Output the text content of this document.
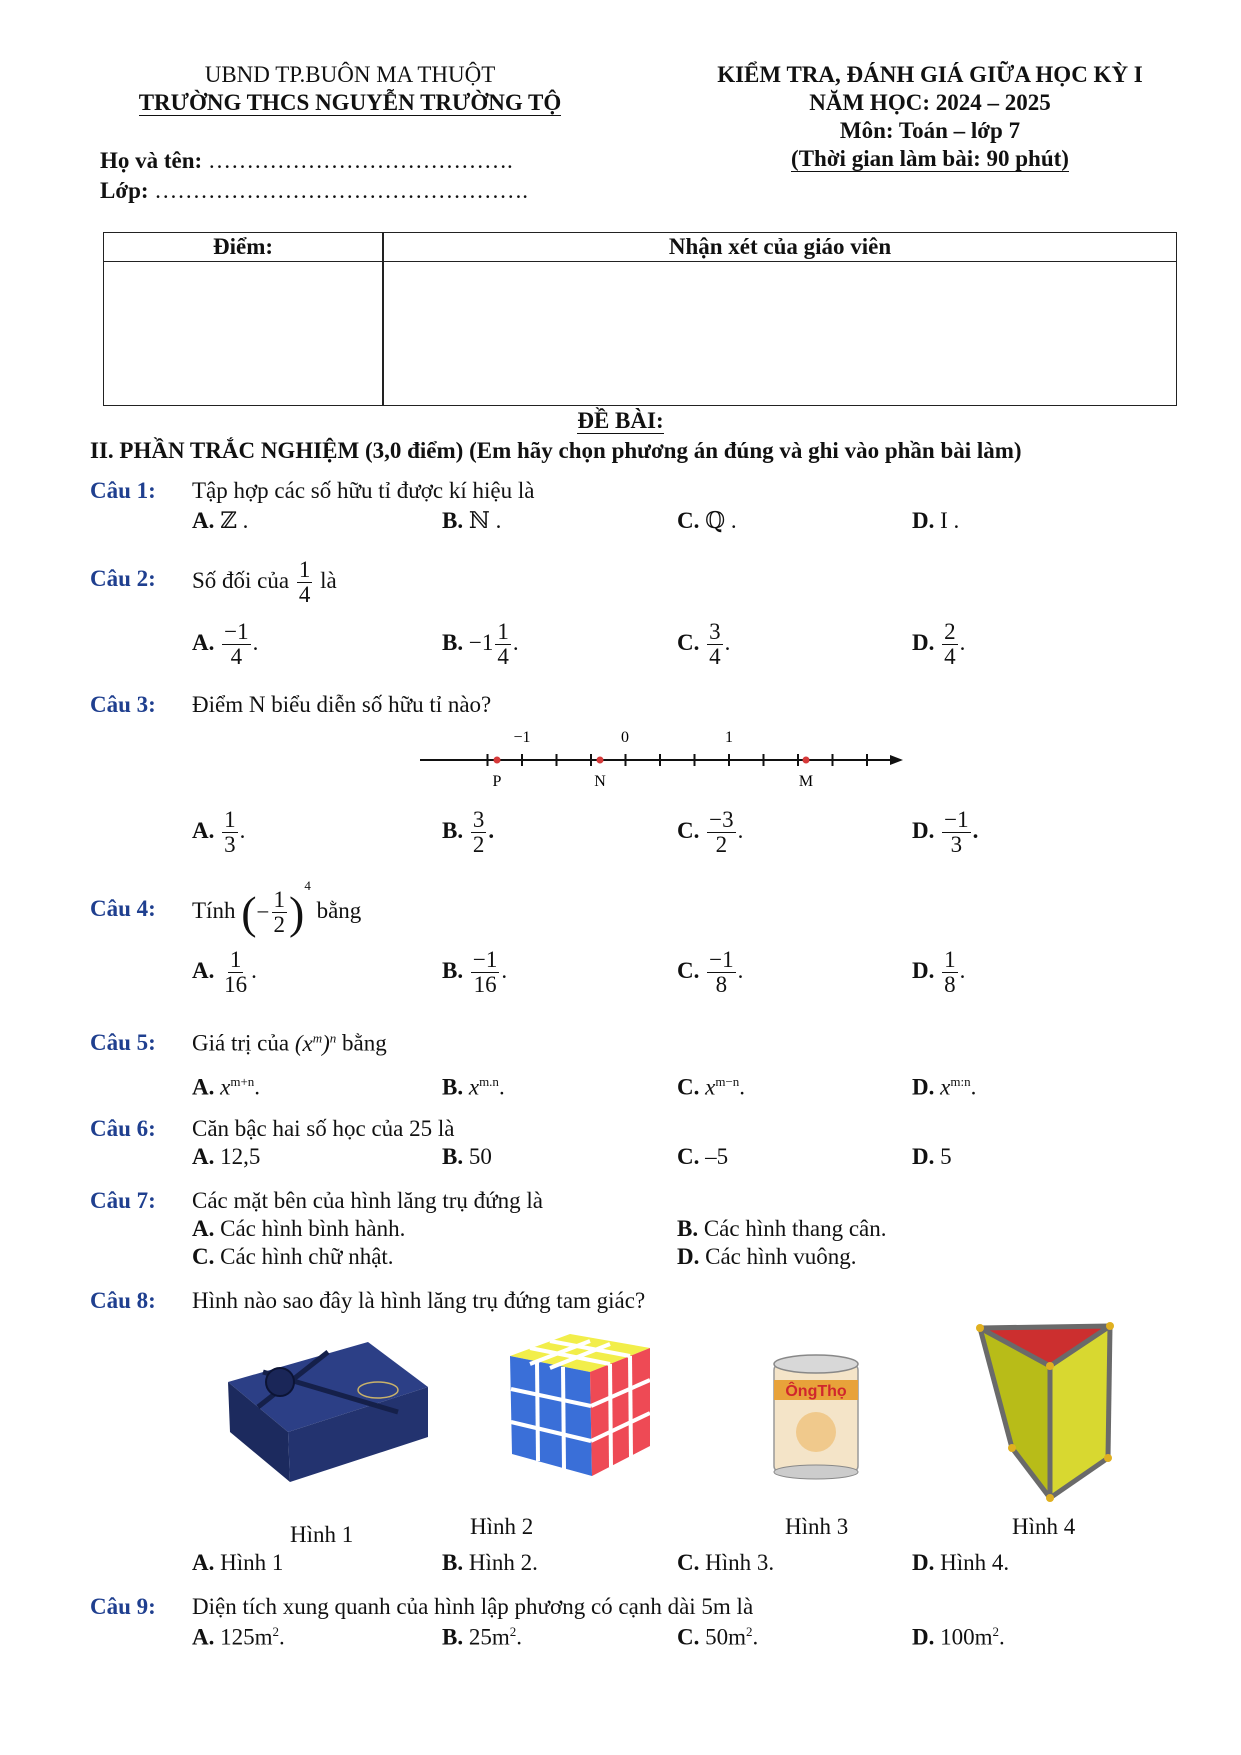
UBND TP.BUÔN MA THUỘT
TRƯỜNG THCS NGUYỄN TRƯỜNG TỘ
KIỂM TRA, ĐÁNH GIÁ GIỮA HỌC KỲ I
NĂM HỌC: 2024 – 2025
Môn: Toán – lớp 7
(Thời gian làm bài: 90 phút)
Họ và tên: ………………………………….
Lớp: ………………………………………….
Điểm:	Nhận xét của giáo viên
ĐỀ BÀI:
II. PHẦN TRẮC NGHIỆM (3,0 điểm) (Em hãy chọn phương án đúng và ghi vào phần bài làm)
Câu 1: Tập hợp các số hữu tỉ được kí hiệu là
A. ℤ .	B. ℕ .	C. ℚ .	D. I .
Câu 2: Số đối của $\frac{1}{4}$ là
A. $\frac{-1}{4}$ .	B. $-1 \frac{1}{4}$ .	C. $\frac{3}{4}$ .	D. $\frac{2}{4}$ .
Câu 3: Điểm N biểu diễn số hữu tỉ nào?
−1	0	1
P	N	M
A. $\frac{1}{3}$ .	B. $\frac{3}{2}$ .	C. $\frac{-3}{2}$ .	D. $\frac{-1}{3}$ .
Câu 4: Tính (− $\frac{1}{2} )^4$ bằng
A. $\frac{1}{16}$ .	B. $\frac{-1}{16}$ .	C. $\frac{-1}{8}$ .	D. $\frac{1}{8}$ .
Câu 5: Giá trị của $(x^m)^n$ bằng
A. $x^{m+n}$.	B. $x^{m.n}$.	C. $x^{m-n}$.	D. $x^{m:n}$.
Câu 6: Căn bậc hai số học của 25 là
A. 12,5	B. 50	C. –5	D. 5
Câu 7: Các mặt bên của hình lăng trụ đứng là
A. Các hình bình hành.	B. Các hình thang cân.
C. Các hình chữ nhật.	D. Các hình vuông.
Câu 8: Hình nào sao đây là hình lăng trụ đứng tam giác?
ÔngThọ
Hình 1	Hình 2	Hình 3	Hình 4
A. Hình 1	B. Hình 2.	C. Hình 3.	D. Hình 4.
Câu 9: Diện tích xung quanh của hình lập phương có cạnh dài 5m là
A. $125m^2$.	B. $25m^2$.	C. $50m^2$.	D. $100m^2$.
